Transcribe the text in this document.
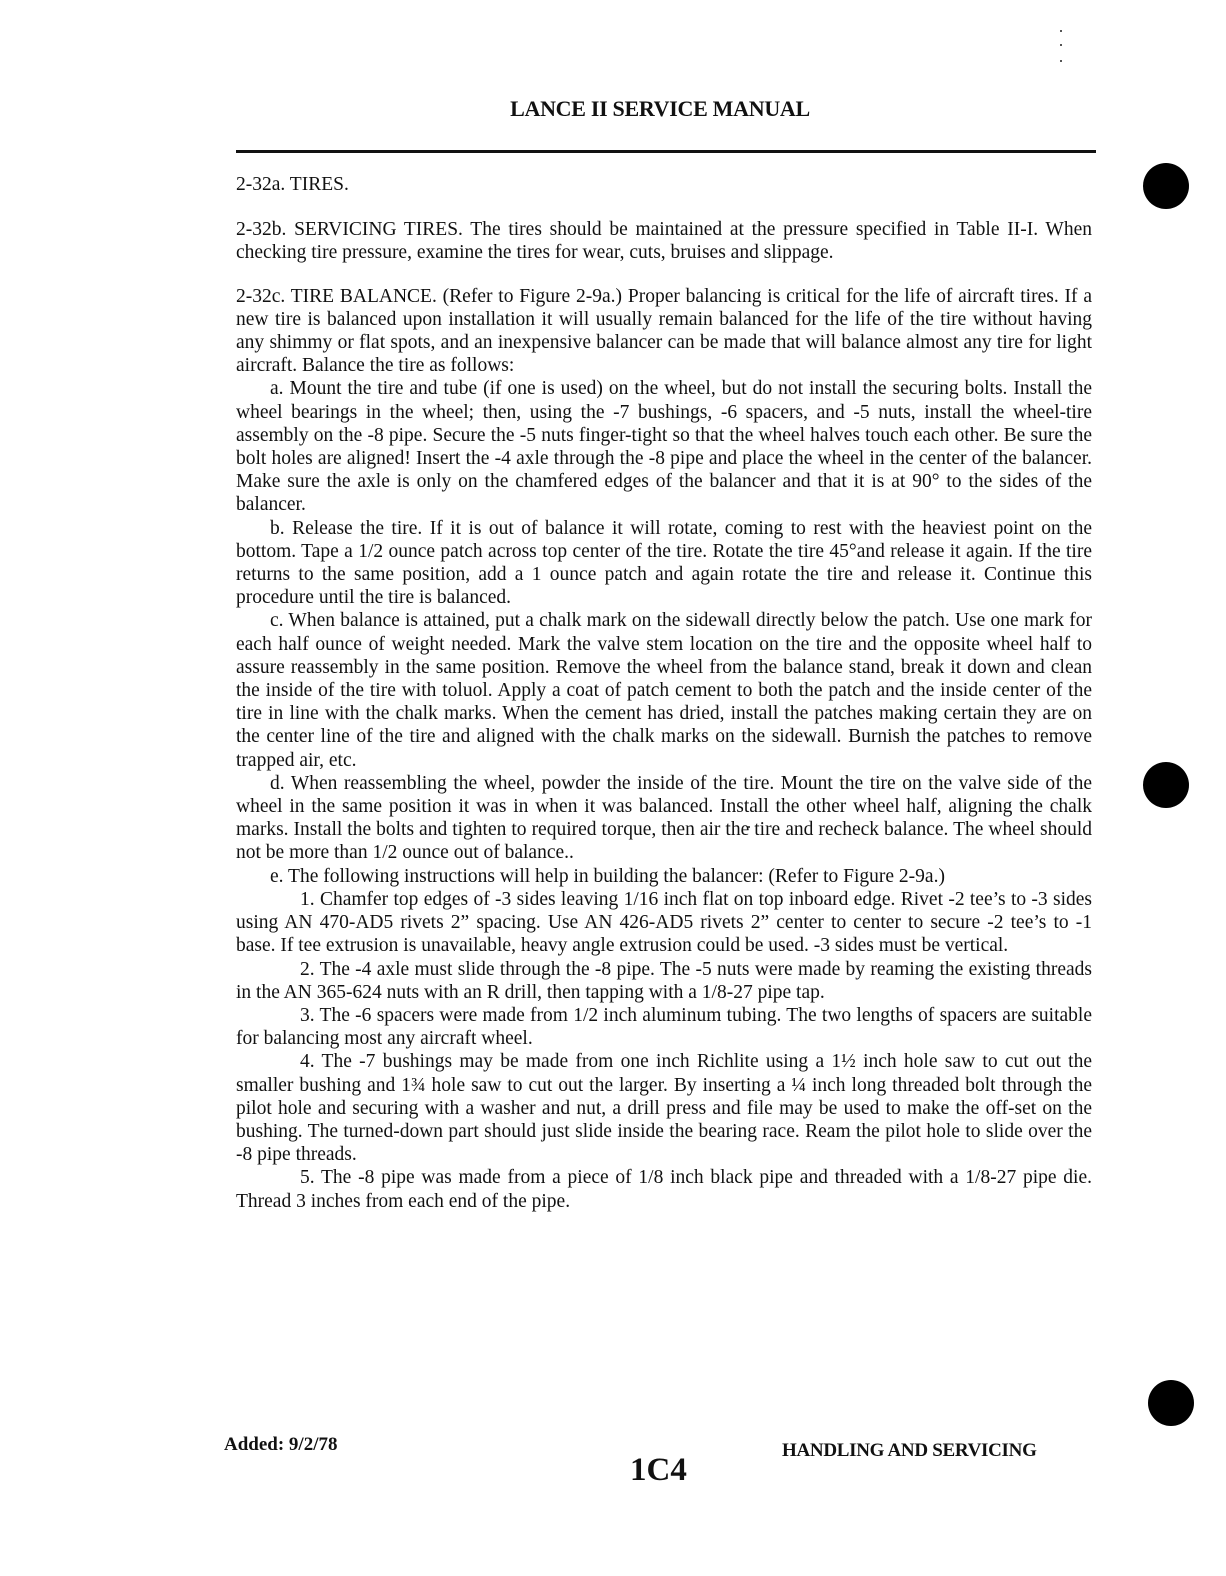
LANCE II SERVICE MANUAL

2-32a. TIRES.

2-32b. SERVICING TIRES. The tires should be maintained at the pressure specified in Table II-I. When checking tire pressure, examine the tires for wear, cuts, bruises and slippage.

2-32c. TIRE BALANCE. (Refer to Figure 2-9a.) Proper balancing is critical for the life of aircraft tires. If a new tire is balanced upon installation it will usually remain balanced for the life of the tire without having any shimmy or flat spots, and an inexpensive balancer can be made that will balance almost any tire for light aircraft. Balance the tire as follows:

a. Mount the tire and tube (if one is used) on the wheel, but do not install the securing bolts. Install the wheel bearings in the wheel; then, using the -7 bushings, -6 spacers, and -5 nuts, install the wheel-tire assembly on the -8 pipe. Secure the -5 nuts finger-tight so that the wheel halves touch each other. Be sure the bolt holes are aligned! Insert the -4 axle through the -8 pipe and place the wheel in the center of the balancer. Make sure the axle is only on the chamfered edges of the balancer and that it is at 90° to the sides of the balancer.

b. Release the tire. If it is out of balance it will rotate, coming to rest with the heaviest point on the bottom. Tape a 1/2 ounce patch across top center of the tire. Rotate the tire 45°and release it again. If the tire returns to the same position, add a 1 ounce patch and again rotate the tire and release it. Continue this procedure until the tire is balanced.

c. When balance is attained, put a chalk mark on the sidewall directly below the patch. Use one mark for each half ounce of weight needed. Mark the valve stem location on the tire and the opposite wheel half to assure reassembly in the same position. Remove the wheel from the balance stand, break it down and clean the inside of the tire with toluol. Apply a coat of patch cement to both the patch and the inside center of the tire in line with the chalk marks. When the cement has dried, install the patches making certain they are on the center line of the tire and aligned with the chalk marks on the sidewall. Burnish the patches to remove trapped air, etc.

d. When reassembling the wheel, powder the inside of the tire. Mount the tire on the valve side of the wheel in the same position it was in when it was balanced. Install the other wheel half, aligning the chalk marks. Install the bolts and tighten to required torque, then air the tire and recheck balance. The wheel should not be more than 1/2 ounce out of balance..

e. The following instructions will help in building the balancer: (Refer to Figure 2-9a.)

1. Chamfer top edges of -3 sides leaving 1/16 inch flat on top inboard edge. Rivet -2 tee’s to -3 sides using AN 470-AD5 rivets 2” spacing. Use AN 426-AD5 rivets 2” center to center to secure -2 tee’s to -1 base. If tee extrusion is unavailable, heavy angle extrusion could be used. -3 sides must be vertical.

2. The -4 axle must slide through the -8 pipe. The -5 nuts were made by reaming the existing threads in the AN 365-624 nuts with an R drill, then tapping with a 1/8-27 pipe tap.

3. The -6 spacers were made from 1/2 inch aluminum tubing. The two lengths of spacers are suitable for balancing most any aircraft wheel.

4. The -7 bushings may be made from one inch Richlite using a 1½ inch hole saw to cut out the smaller bushing and 1¾ hole saw to cut out the larger. By inserting a ¼ inch long threaded bolt through the pilot hole and securing with a washer and nut, a drill press and file may be used to make the off-set on the bushing. The turned-down part should just slide inside the bearing race. Ream the pilot hole to slide over the -8 pipe threads.

5. The -8 pipe was made from a piece of 1/8 inch black pipe and threaded with a 1/8-27 pipe die. Thread 3 inches from each end of the pipe.

Added: 9/2/78
1C4
HANDLING AND SERVICING
